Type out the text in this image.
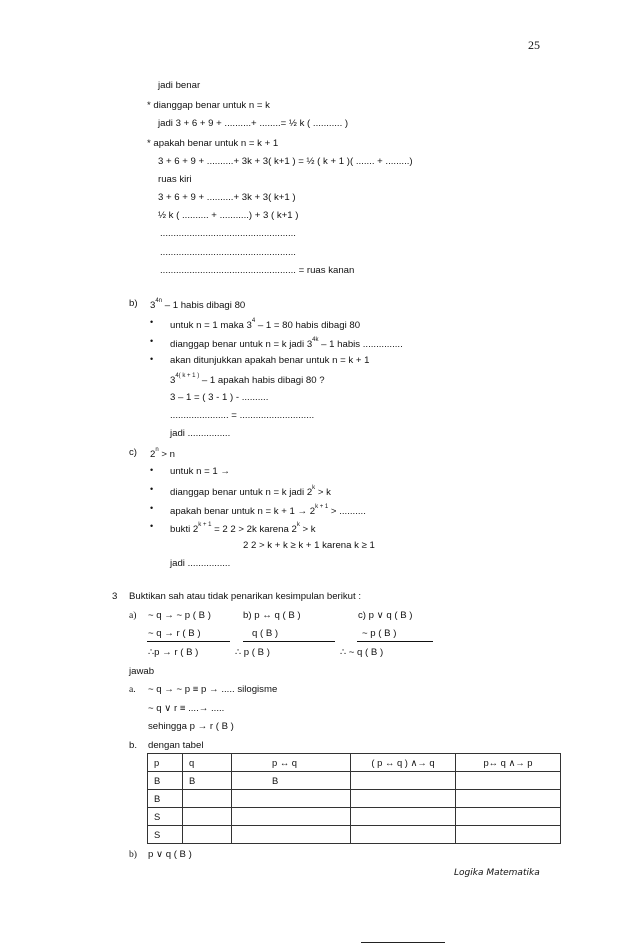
25
jadi benar
* dianggap benar untuk n = k
jadi 3 + 6 + 9 + ..........+ ........= ½ k ( ........... )
* apakah benar untuk n = k + 1
3 + 6 + 9 + ..........+ 3k + 3( k+1 ) = ½ ( k + 1 )( ....... + .........)
ruas kiri
3 + 6 + 9 + ..........+ 3k + 3( k+1 )
½ k ( .......... + ...........) + 3 ( k+1 )
...................................................
...................................................
................................................... = ruas kanan
b) $3^{4n} - 1$ habis dibagi 80
• untuk n = 1 maka $3^4 - 1 = 80$ habis dibagi 80
• dianggap benar untuk n = k jadi $3^{4k} - 1$ habis ...............
• akan ditunjukkan apakah benar untuk n = k + 1
$3^{4( k + 1 )} - 1$ apakah habis dibagi 80 ?
3 – 1 = ( 3 - 1 ) - ..........
...................... = ............................
jadi ................
c) $2^n > n$
• untuk n = 1 →
• dianggap benar untuk n = k jadi $2^k > k$
• apakah benar untuk $n = k + 1 \to 2^{k + 1}$ > ..........
• bukti $2^{k + 1} = 2$ 2 > 2k karena $2^k > k$
2 2 > k + k ≥ k + 1 karena k ≥ 1
jadi ................
3 Buktikan sah atau tidak penarikan kesimpulan berikut :
a) ~ q → ~ p ( B )
~ q → r ( B )
∴p → r ( B )
b) p ↔ q ( B )
q ( B )
∴ p ( B )
c) p ∨ q ( B )
~ p ( B )
∴ ~ q ( B )
jawab
a. ~ q → ~ p ≡ p → ..... silogisme
~ q ∨ r ≡ ....→ .....
sehingga p → r ( B )
b. dengan tabel
p	q	p ↔ q	( p ↔ q ) ∧→ q	p↔ q ∧→ p
B	B	B		
B				
S				
S				
b) p ∨ q ( B )
Logika Matematika
